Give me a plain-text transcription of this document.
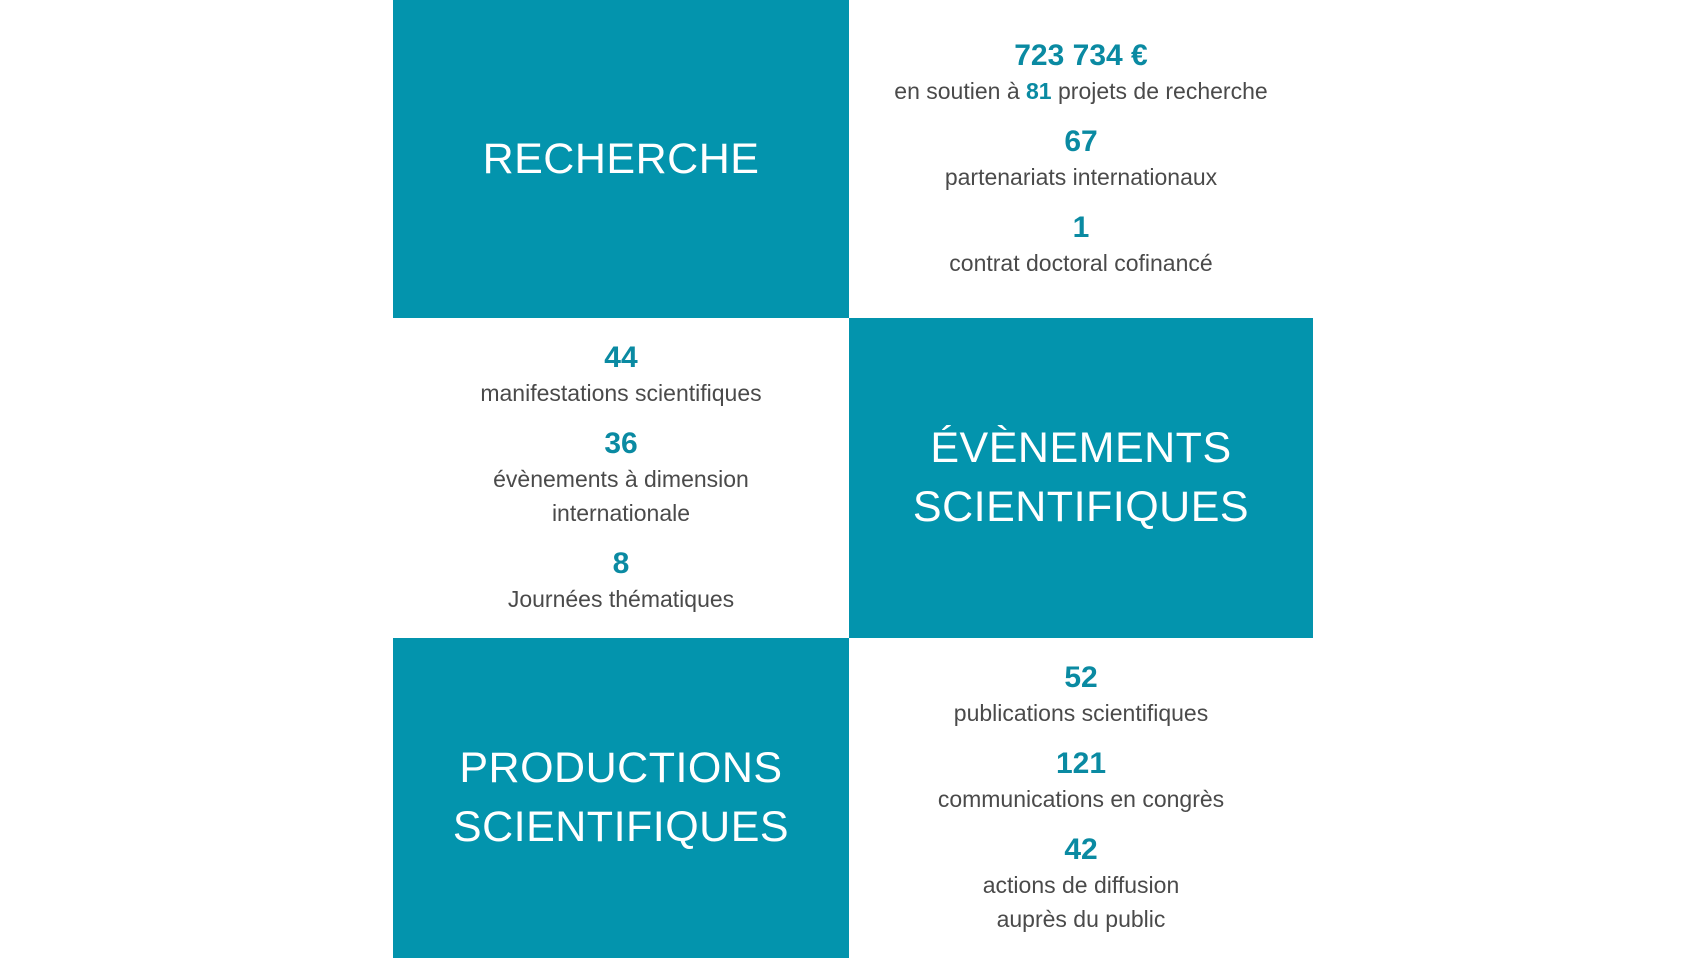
RECHERCHE
723 734 €
en soutien à 81 projets de recherche
67
partenariats internationaux
1
contrat doctoral cofinancé
44
manifestations scientifiques
36
évènements à dimension
internationale
8
Journées thématiques
ÉVÈNEMENTS
SCIENTIFIQUES
PRODUCTIONS
SCIENTIFIQUES
52
publications scientifiques
121
communications en congrès
42
actions de diffusion
auprès du public
